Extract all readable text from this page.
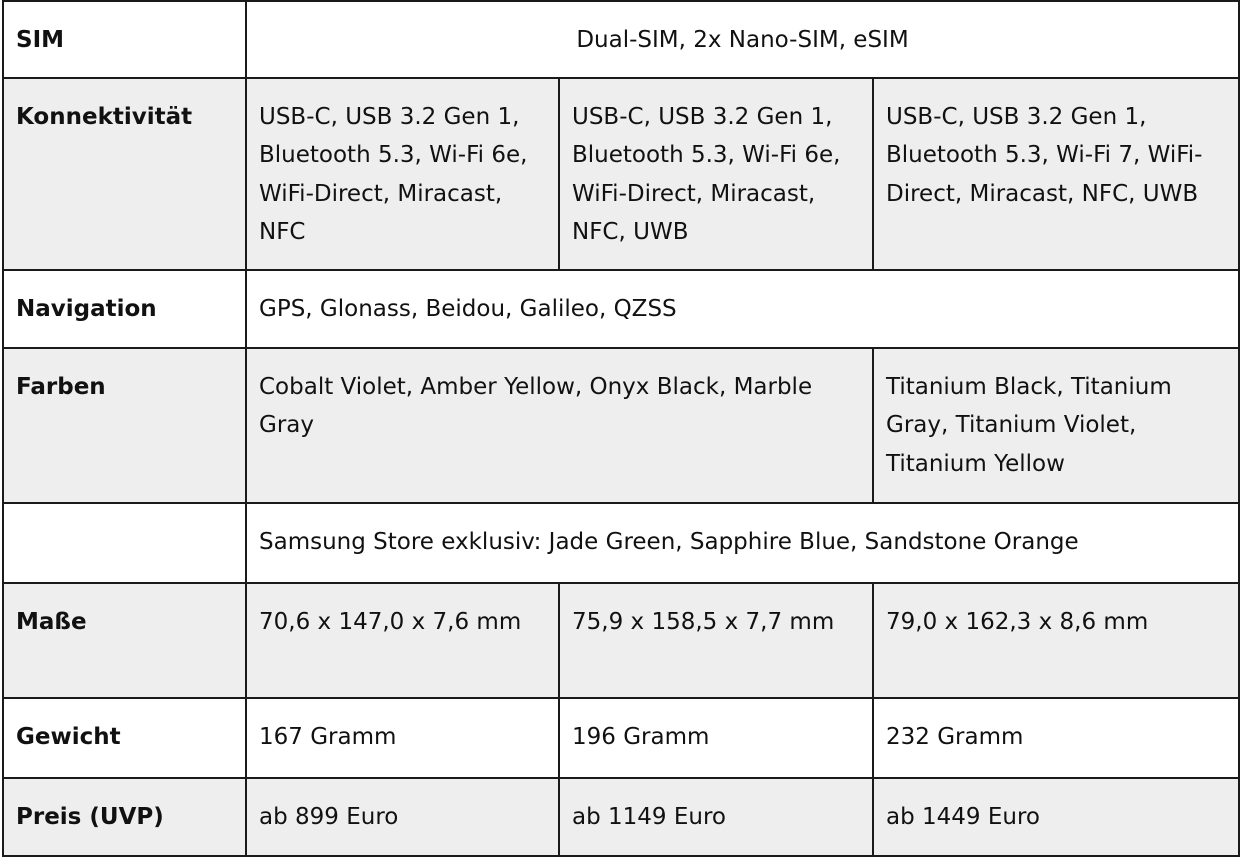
SIM	Dual-SIM, 2x Nano-SIM, eSIM		
Konnektivität	USB-C, USB 3.2 Gen 1, Bluetooth 5.3, Wi-Fi 6e, WiFi-Direct, Miracast, NFC	USB-C, USB 3.2 Gen 1, Bluetooth 5.3, Wi-Fi 6e, WiFi-Direct, Miracast, NFC, UWB	USB-C, USB 3.2 Gen 1, Bluetooth 5.3, Wi-Fi 7, WiFi-Direct, Miracast, NFC, UWB
Navigation	GPS, Glonass, Beidou, Galileo, QZSS		
Farben	Cobalt Violet, Amber Yellow, Onyx Black, Marble Gray		Titanium Black, Titanium Gray, Titanium Violet, Titanium Yellow
	Samsung Store exklusiv: Jade Green, Sapphire Blue, Sandstone Orange		
Maße	70,6 x 147,0 x 7,6 mm	75,9 x 158,5 x 7,7 mm	79,0 x 162,3 x 8,6 mm
Gewicht	167 Gramm	196 Gramm	232 Gramm
Preis (UVP)	ab 899 Euro	ab 1149 Euro	ab 1449 Euro
